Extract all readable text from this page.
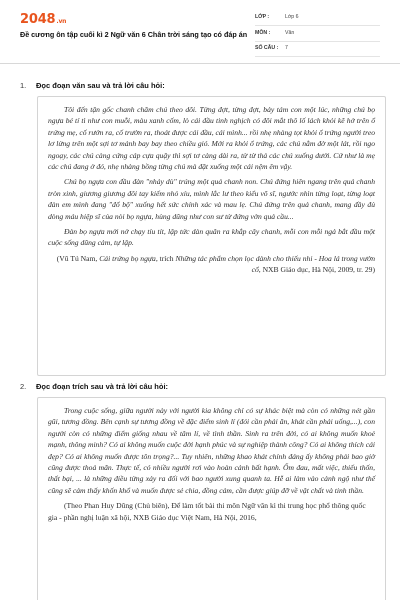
2048.vn
Đề cương ôn tập cuối kì 2 Ngữ văn 6 Chân trời sáng tạo có đáp án
LỚP :	Lớp 6
MÔN :	Văn
SỐ CÂU : 7
1. Đọc đoạn văn sau và trả lời câu hỏi:

Tôi đến tận gốc chanh chăm chú theo dõi. Từng đợt, từng đợt, bảy tám con một lúc, những chú bọ ngựa bé tí tì như con muỗi, màu xanh cốm, lò cái đầu tinh nghịch có đôi mắt thô lố lách khỏi kẽ hở trên ổ trứng mẹ, cố rướn ra, cố trườn ra, thoát được cái đầu, cái mình... rồi nhẹ nhàng tọt khỏi ổ trứng người treo lơ lửng trên một sợi tơ mảnh bay bay theo chiều gió. Mới ra khỏi ổ trứng, các chú nằm đờ một lát, rồi ngo ngoạy, các chú càng cứng cáp cựa quậy thì sợi tơ càng dài ra, từ từ thả các chú xuống dưới. Cứ như là mẹ các chú đang ở đó, nhẹ nhàng bồng từng chú mà đặt xuống một cái nệm êm vậy.

Chú bọ ngựa con đầu đàn "nhảy dù" trúng một quả chanh non. Chú đứng hiên ngang trên quả chanh tròn xinh, giương giương đôi tay kiếm nhỏ xíu, mình lắc lư theo kiểu võ sĩ, ngước nhìn từng loạt, từng loạt đàn em mình đang "đổ bộ" xuống hết sức chính xác và mau lẹ. Chú đứng trên quả chanh, mang đầy đủ dòng máu hiệp sĩ của nòi bọ ngựa, hùng dũng như con sư tử đứng vờn quả cầu...

Đàn bọ ngựa mới nở chạy tíu tít, lập tức dàn quân ra khắp cây chanh, mỗi con mỗi ngả bắt đầu một cuộc sống dũng cảm, tự lập.

(Vũ Tú Nam, Cái trứng bọ ngựa, trích Những tác phẩm chọn lọc dành cho thiếu nhi - Hoa lá trong vườn cổ, NXB Giáo dục, Hà Nội, 2009, tr. 29)

2. Đọc đoạn trích sau và trả lời câu hỏi:

Trong cuộc sống, giữa người này với người kia không chỉ có sự khác biệt mà còn có những nét gần gũi, tương đồng. Bên cạnh sự tương đồng về đặc điểm sinh lí (đói cần phải ăn, khát cần phải uống,...), con người còn có những điểm giống nhau về tâm lí, về tình thần. Sinh ra trên đời, có ai không muốn khoẻ mạnh, thông minh? Có ai không muốn cuộc đời hạnh phúc và sự nghiệp thành công? Có ai không thích cái đẹp? Có ai không muốn được tôn trọng?... Tuy nhiên, những khao khát chính đáng ấy không phải bao giờ cũng được thoả mãn. Thực tế, có nhiều người rơi vào hoàn cảnh bất hạnh. Ốm đau, mất việc, thiếu thốn, thất bại, ... là những điều từng xảy ra đối với bao người xung quanh ta. Hễ ai làm vào cảnh ngộ như thế cũng sẽ cảm thấy khốn khổ và muốn được sẻ chia, đồng cảm, cần được giúp đỡ về vật chất và tinh thần.

(Theo Phan Huy Dũng (Chủ biên), Để làm tốt bài thi môn Ngữ văn kì thi trung học phổ thông quốc gia - phần nghị luận xã hội, NXB Giáo dục Việt Nam, Hà Nội, 2016,
